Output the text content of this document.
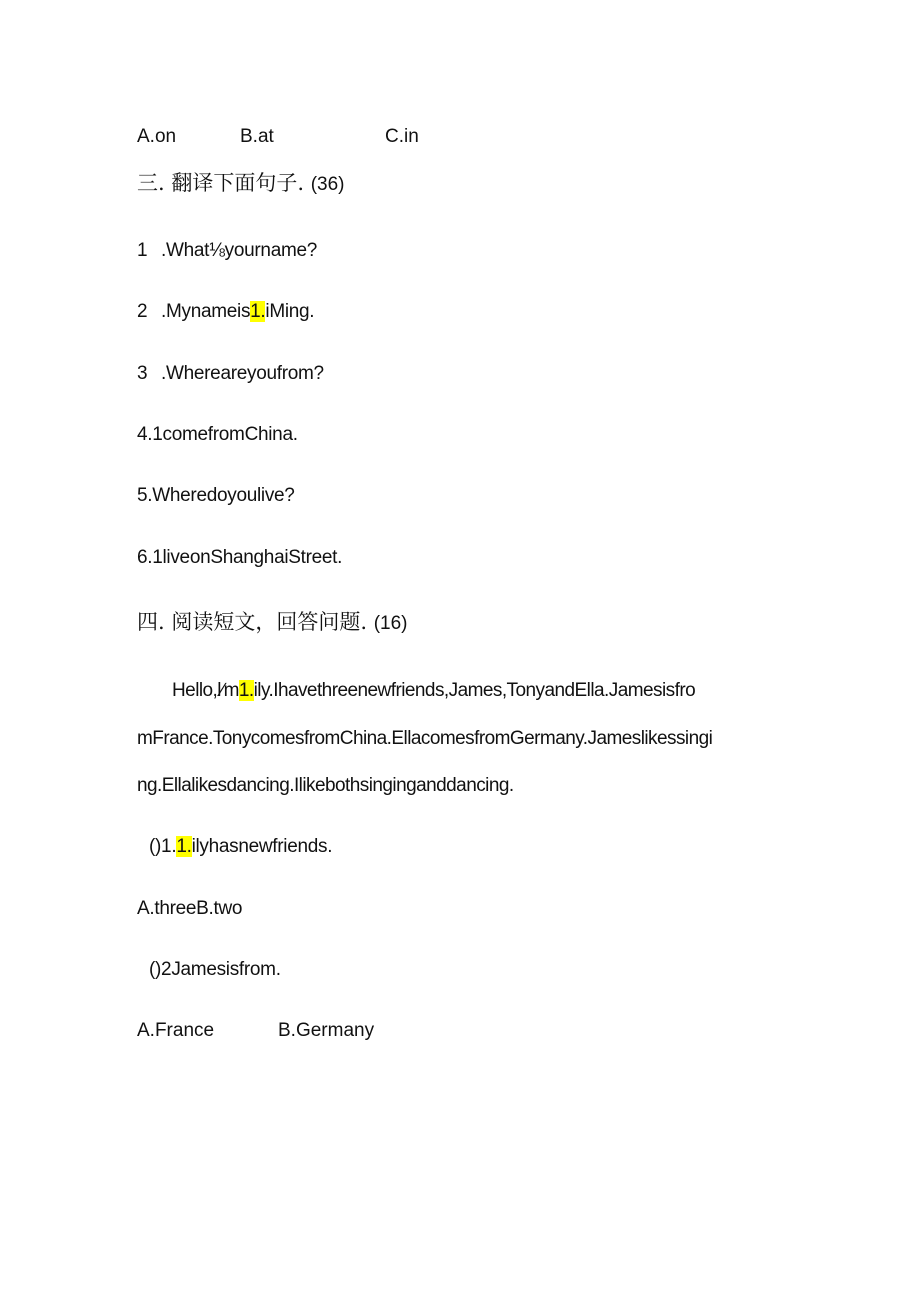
A.on	B.at	C.in
三. 翻译下面句子. (36)
1 .What⅛yourname?
2 .Mynameis1.iMing.
3 .Whereareyoufrom?
4.1comefromChina.
5.Wheredoyoulive?
6.1liveonShanghaiStreet.
四. 阅读短文，回答问题. (16)
Hello,l∕m1.ily.Ihavethreenewfriends,James,TonyandElla.Jamesisfro
mFrance.TonycomesfromChina.EllacomesfromGermany.Jameslikessingi
ng.Ellalikesdancing.Ilikebothsinginganddancing.
()1.1.ilyhasnewfriends.
A.threeB.two
()2Jamesisfrom.
A.France	B.Germany
